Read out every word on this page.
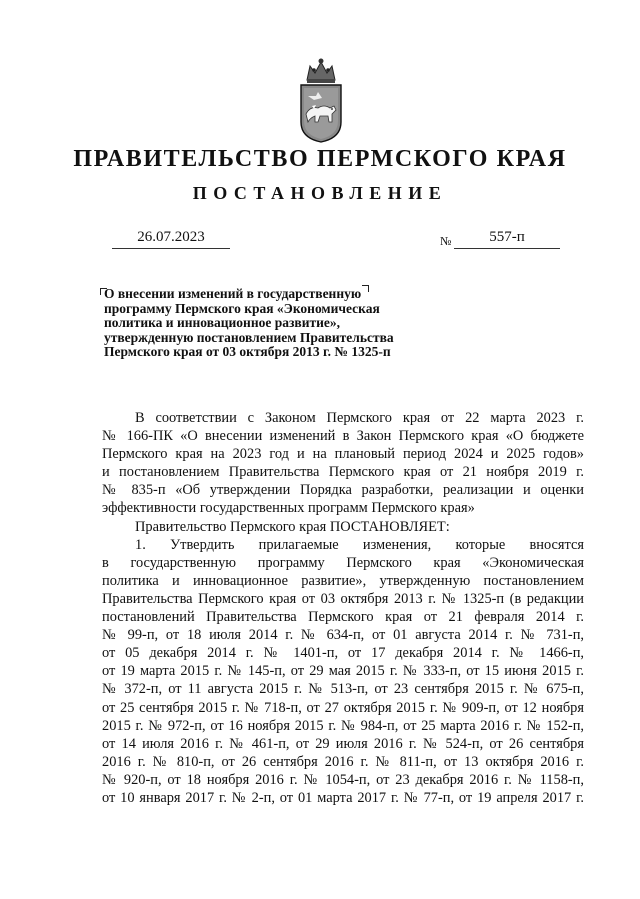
ПРАВИТЕЛЬСТВО ПЕРМСКОГО КРАЯ
ПОСТАНОВЛЕНИЕ
26.07.2023	№	557-п
О внесении изменений в государственную
программу Пермского края «Экономическая
политика и инновационное развитие»,
утвержденную постановлением Правительства
Пермского края от 03 октября 2013 г. № 1325-п
В соответствии с Законом Пермского края от 22 марта 2023 г.
№ 166-ПК «О внесении изменений в Закон Пермского края «О бюджете
Пермского края на 2023 год и на плановый период 2024 и 2025 годов»
и постановлением Правительства Пермского края от 21 ноября 2019 г.
№ 835-п «Об утверждении Порядка разработки, реализации и оценки
эффективности государственных программ Пермского края»
Правительство Пермского края ПОСТАНОВЛЯЕТ:
1. Утвердить прилагаемые изменения, которые вносятся
в государственную программу Пермского края «Экономическая
политика и инновационное развитие», утвержденную постановлением
Правительства Пермского края от 03 октября 2013 г. № 1325-п (в редакции
постановлений Правительства Пермского края от 21 февраля 2014 г.
№ 99-п, от 18 июля 2014 г. № 634-п, от 01 августа 2014 г. № 731-п,
от 05 декабря 2014 г. № 1401-п, от 17 декабря 2014 г. № 1466-п,
от 19 марта 2015 г. № 145-п, от 29 мая 2015 г. № 333-п, от 15 июня 2015 г.
№ 372-п, от 11 августа 2015 г. № 513-п, от 23 сентября 2015 г. № 675-п,
от 25 сентября 2015 г. № 718-п, от 27 октября 2015 г. № 909-п, от 12 ноября
2015 г. № 972-п, от 16 ноября 2015 г. № 984-п, от 25 марта 2016 г. № 152-п,
от 14 июля 2016 г. № 461-п, от 29 июля 2016 г. № 524-п, от 26 сентября
2016 г. № 810-п, от 26 сентября 2016 г. № 811-п, от 13 октября 2016 г.
№ 920-п, от 18 ноября 2016 г. № 1054-п, от 23 декабря 2016 г. № 1158-п,
от 10 января 2017 г. № 2-п, от 01 марта 2017 г. № 77-п, от 19 апреля 2017 г.
